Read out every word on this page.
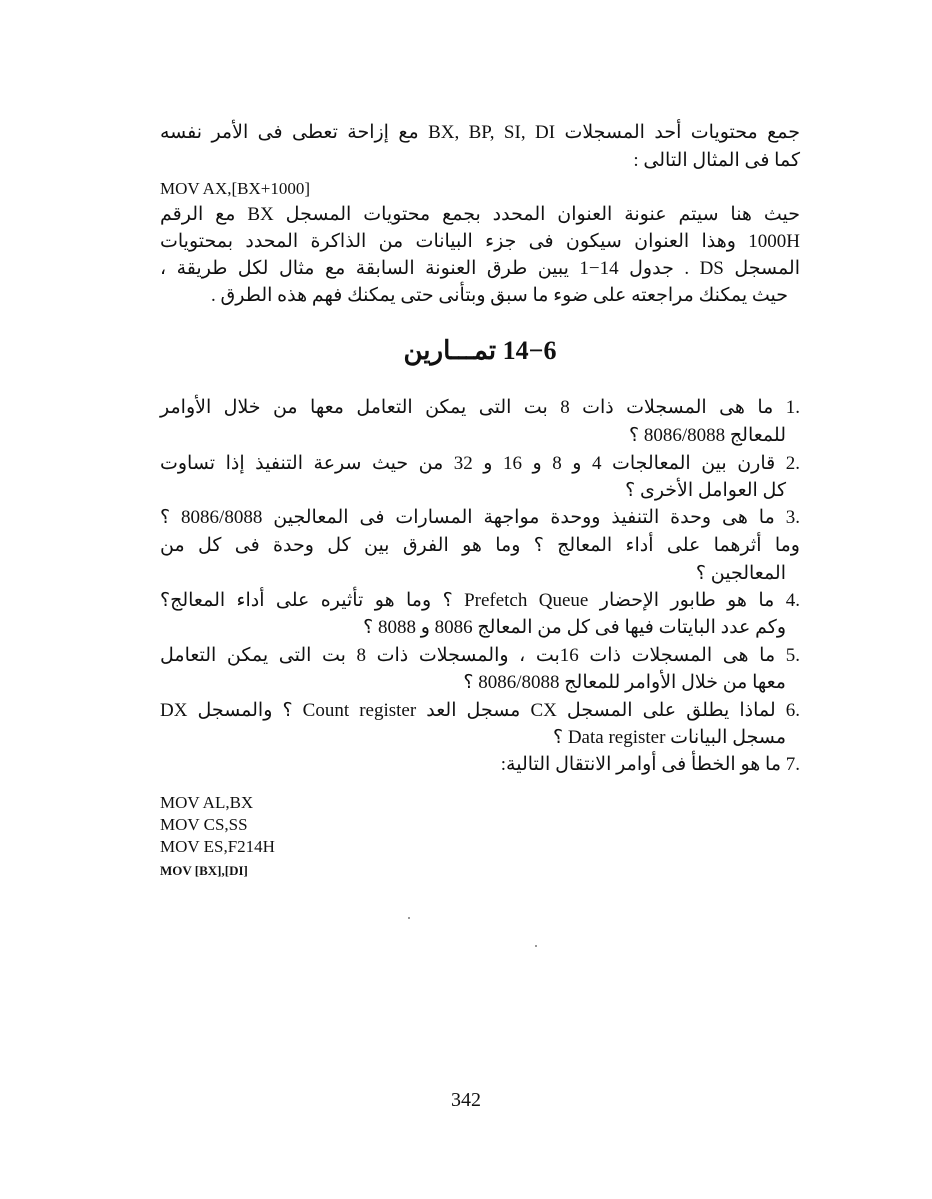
جمع محتويات أحد المسجلات BX, BP, SI, DI مع إزاحة تعطى فى الأمر نفسه
كما فى المثال التالى :
MOV AX,[BX+1000]
حيث هنا سيتم عنونة العنوان المحدد بجمع محتويات المسجل BX مع الرقم
1000H وهذا العنوان سيكون فى جزء البيانات من الذاكرة المحدد بمحتويات
المسجل DS . جدول 14−1 يبين طرق العنونة السابقة مع مثال لكل طريقة ،
حيث يمكنك مراجعته على ضوء ما سبق وبتأنى حتى يمكنك فهم هذه الطرق .
14−6 تمـــارين
.1 ما هى المسجلات ذات 8 بت التى يمكن التعامل معها من خلال الأوامر
للمعالج 8086/8088 ؟
.2 قارن بين المعالجات 4 و 8 و 16 و 32 من حيث سرعة التنفيذ إذا تساوت
كل العوامل الأخرى ؟
.3 ما هى وحدة التنفيذ ووحدة مواجهة المسارات فى المعالجين 8086/8088 ؟
وما أثرهما على أداء المعالج ؟ وما هو الفرق بين كل وحدة فى كل من
المعالجين ؟
.4 ما هو طابور الإحضار Prefetch Queue ؟ وما هو تأثيره على أداء المعالج؟
وكم عدد البايتات فيها فى كل من المعالج 8086 و 8088 ؟
.5 ما هى المسجلات ذات 16بت ، والمسجلات ذات 8 بت التى يمكن التعامل
معها من خلال الأوامر للمعالج 8086/8088 ؟
.6 لماذا يطلق على المسجل CX مسجل العد Count register ؟ والمسجل DX
مسجل البيانات Data register ؟
.7 ما هو الخطأ فى أوامر الانتقال التالية:
MOV AL,BX
MOV CS,SS
MOV ES,F214H
MOV [BX],[DI]
342
